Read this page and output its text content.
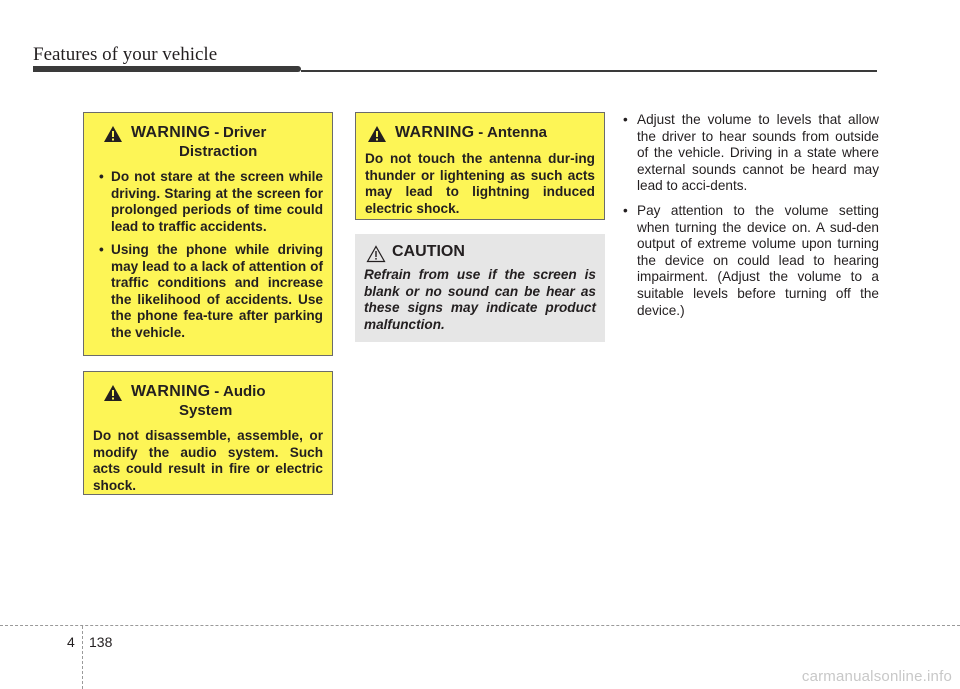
Features of your vehicle
WARNING - Driver
Distraction
• Do not stare at the screen while driving. Staring at the screen for prolonged periods of time could lead to traffic accidents.
• Using the phone while driving may lead to a lack of attention of traffic conditions and increase the likelihood of accidents. Use the phone fea-ture after parking the vehicle.
WARNING - Audio
System
Do not disassemble, assemble, or modify the audio system. Such acts could result in fire or electric shock.
WARNING - Antenna
Do not touch the antenna dur-ing thunder or lightening as such acts may lead to lightning induced electric shock.
CAUTION
Refrain from use if the screen is blank or no sound can be hear as these signs may indicate product malfunction.
• Adjust the volume to levels that allow the driver to hear sounds from outside of the vehicle. Driving in a state where external sounds cannot be heard may lead to acci-dents.
• Pay attention to the volume setting when turning the device on. A sud-den output of extreme volume upon turning the device on could lead to hearing impairment. (Adjust the volume to a suitable levels before turning off the device.)
4 138
carmanualsonline.info
